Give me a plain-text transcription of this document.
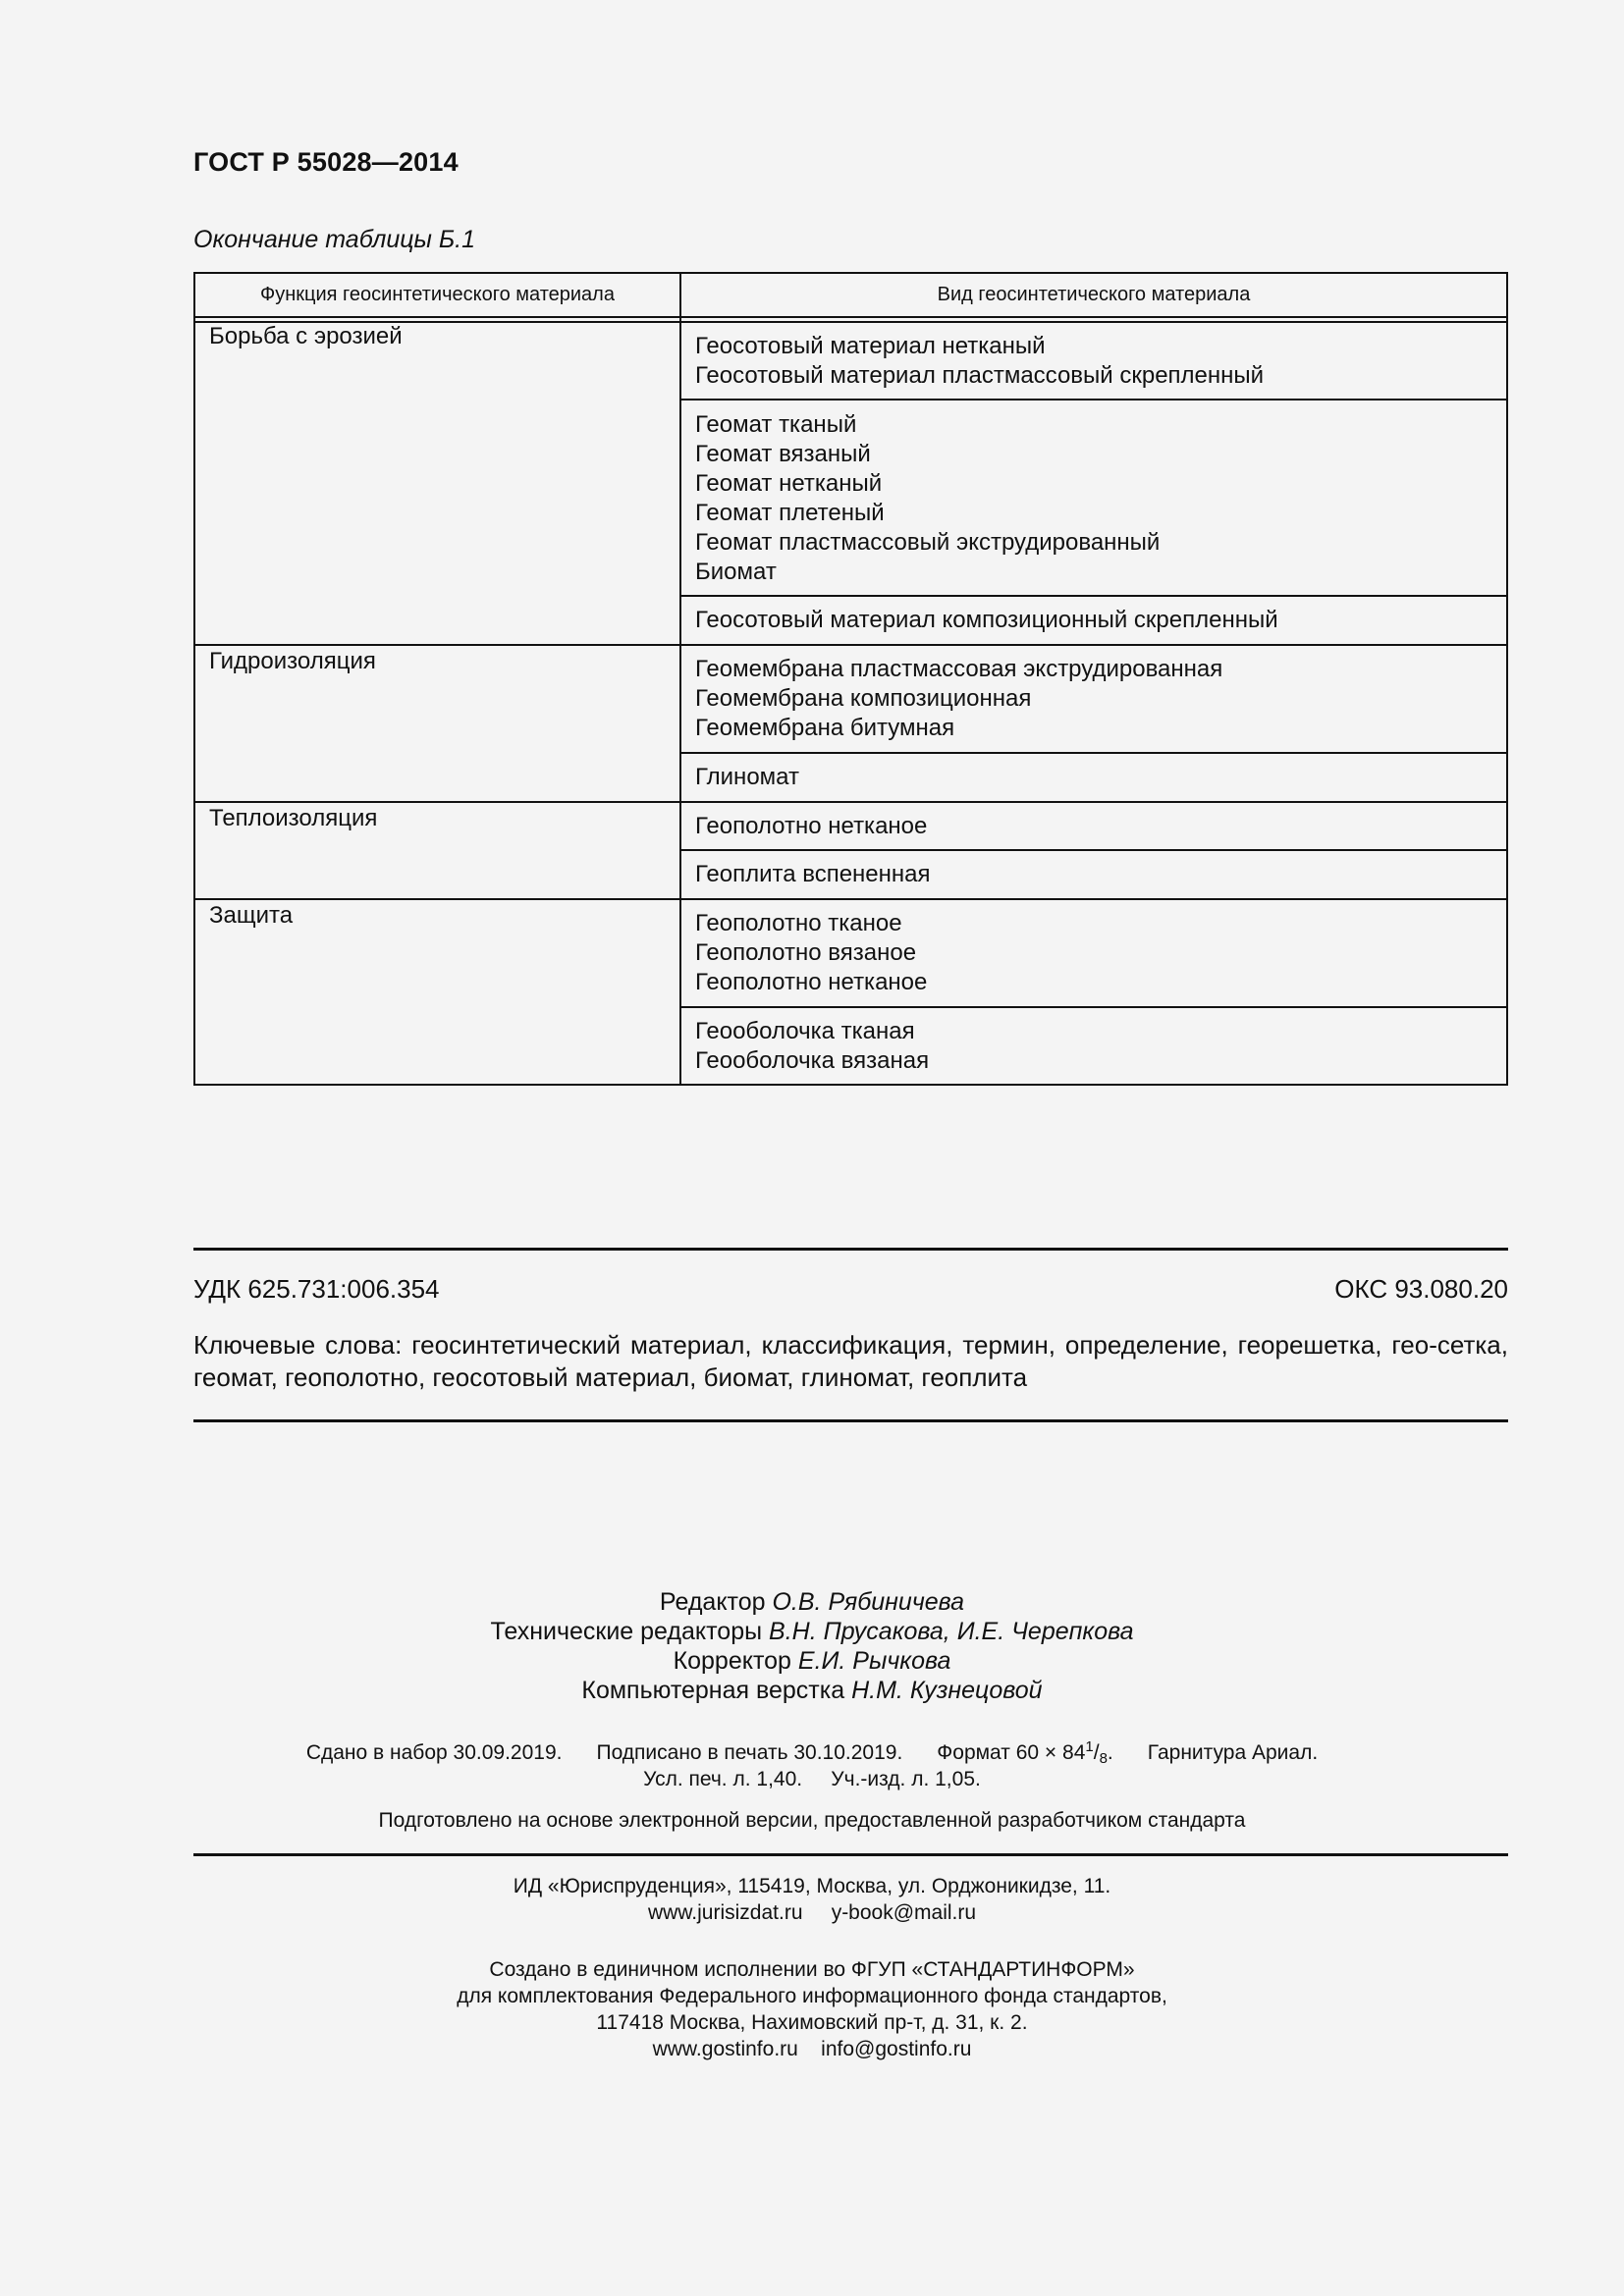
ГОСТ Р 55028—2014
Окончание таблицы Б.1
Функция геосинтетического материала	Вид геосинтетического материала
Борьба с эрозией
Гидроизоляция
Теплоизоляция
Защита
Геосотовый материал нетканый
Геосотовый материал пластмассовый скрепленный
Геомат тканый
Геомат вязаный
Геомат нетканый
Геомат плетеный
Геомат пластмассовый экструдированный
Биомат
Геосотовый материал композиционный скрепленный
Геомембрана пластмассовая экструдированная
Геомембрана композиционная
Геомембрана битумная
Глиномат
Геополотно нетканое
Геоплита вспененная
Геополотно тканое
Геополотно вязаное
Геополотно нетканое
Геооболочка тканая
Геооболочка вязаная
УДК 625.731:006.354	ОКС 93.080.20
Ключевые слова: геосинтетический материал, классификация, термин, определение, георешетка, гео-сетка, геомат, геополотно, геосотовый материал, биомат, глиномат, геоплита
Редактор О.В. Рябиничева
Технические редакторы В.Н. Прусакова, И.Е. Черепкова
Корректор Е.И. Рычкова
Компьютерная верстка Н.М. Кузнецовой
Сдано в набор 30.09.2019. Подписано в печать 30.10.2019. Формат $60 \times 84^1/_8$. Гарнитура Ариал.
Усл. печ. л. 1,40. Уч.-изд. л. 1,05.
Подготовлено на основе электронной версии, предоставленной разработчиком стандарта
ИД «Юриспруденция», 115419, Москва, ул. Орджоникидзе, 11.
www.jurisizdat.ru y-book@mail.ru
Создано в единичном исполнении во ФГУП «СТАНДАРТИНФОРМ»
для комплектования Федерального информационного фонда стандартов,
117418 Москва, Нахимовский пр-т, д. 31, к. 2.
www.gostinfo.ru info@gostinfo.ru
